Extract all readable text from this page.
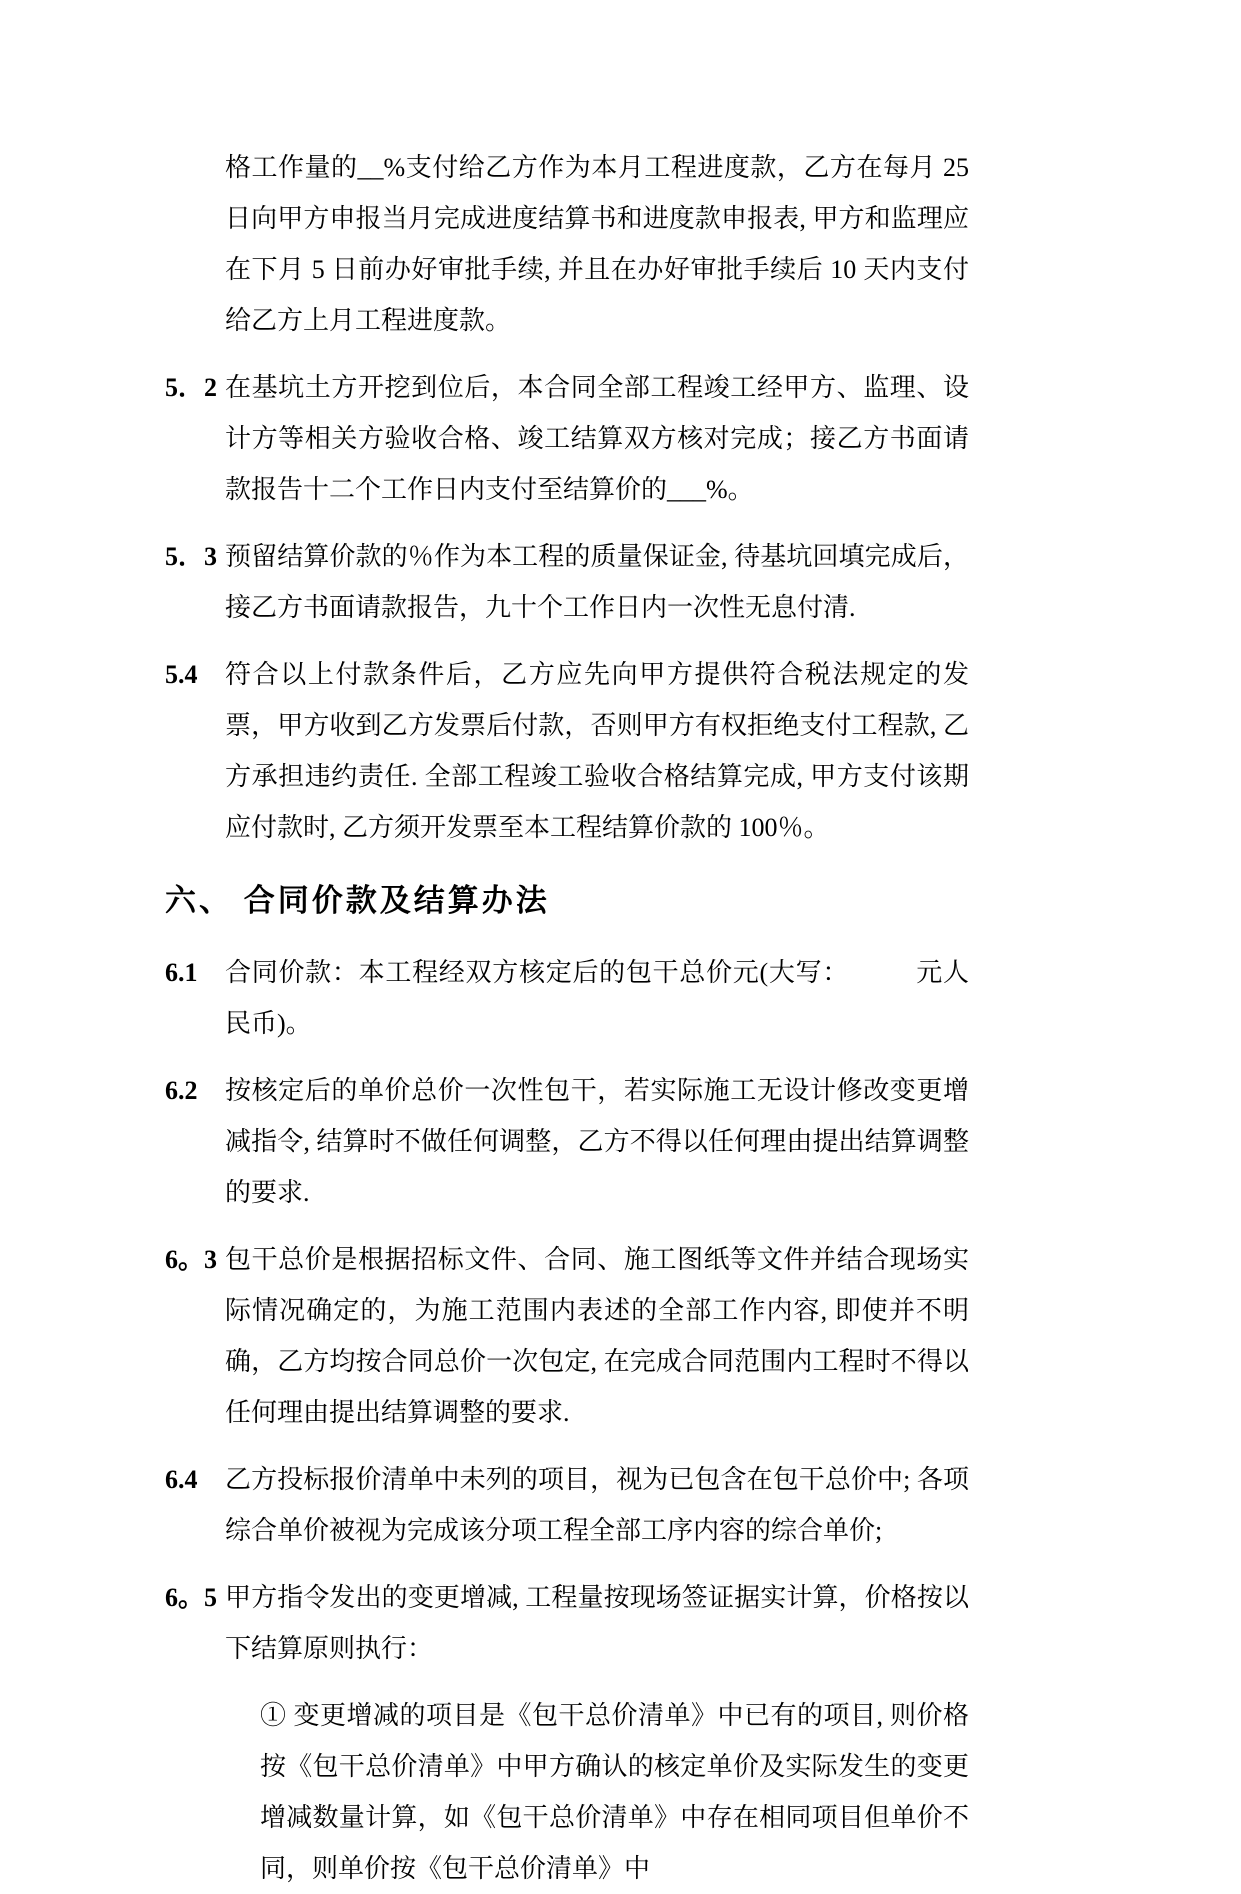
格工作量的__%支付给乙方作为本月工程进度款，乙方在每月 25 日向甲方申报当月完成进度结算书和进度款申报表, 甲方和监理应在下月 5 日前办好审批手续, 并且在办好审批手续后 10 天内支付给乙方上月工程进度款。

5．2 在基坑土方开挖到位后，本合同全部工程竣工经甲方、监理、设计方等相关方验收合格、竣工结算双方核对完成；接乙方书面请款报告十二个工作日内支付至结算价的___%。

5．3 预留结算价款的％作为本工程的质量保证金, 待基坑回填完成后，接乙方书面请款报告，九十个工作日内一次性无息付清.

5.4	符合以上付款条件后，乙方应先向甲方提供符合税法规定的发票，甲方收到乙方发票后付款，否则甲方有权拒绝支付工程款, 乙方承担违约责任. 全部工程竣工验收合格结算完成, 甲方支付该期应付款时, 乙方须开发票至本工程结算价款的 100％。

六、 合同价款及结算办法
6.1	合同价款：本工程经双方核定后的包干总价元(大写：　　　元人民币)。

6.2	按核定后的单价总价一次性包干，若实际施工无设计修改变更增减指令, 结算时不做任何调整，乙方不得以任何理由提出结算调整的要求.

6。3 包干总价是根据招标文件、合同、施工图纸等文件并结合现场实际情况确定的，为施工范围内表述的全部工作内容, 即使并不明确，乙方均按合同总价一次包定, 在完成合同范围内工程时不得以任何理由提出结算调整的要求.

6.4	乙方投标报价清单中未列的项目，视为已包含在包干总价中; 各项综合单价被视为完成该分项工程全部工序内容的综合单价;

6。5 甲方指令发出的变更增减, 工程量按现场签证据实计算，价格按以下结算原则执行：

① 变更增减的项目是《包干总价清单》中已有的项目, 则价格按《包干总价清单》中甲方确认的核定单价及实际发生的变更增减数量计算，如《包干总价清单》中存在相同项目但单价不同，则单价按《包干总价清单》中
